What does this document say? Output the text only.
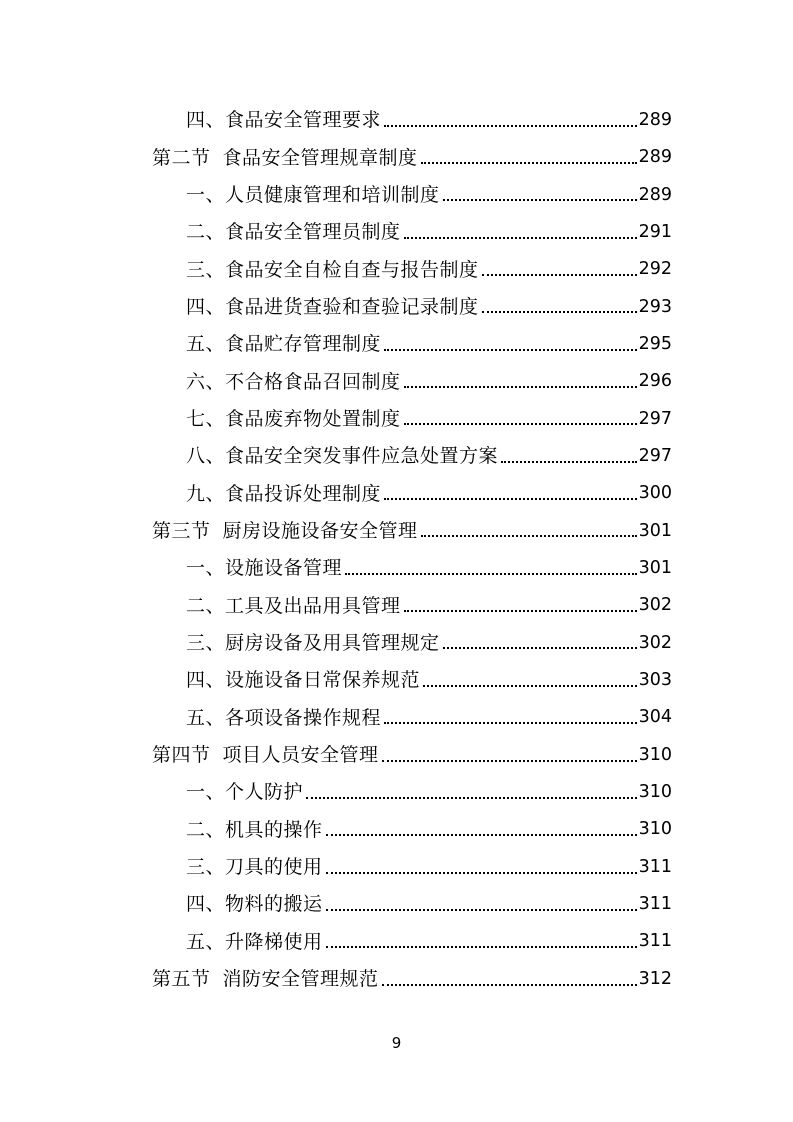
四、食品安全管理要求	289
第二节 食品安全管理规章制度	289
一、人员健康管理和培训制度	289
二、食品安全管理员制度	291
三、食品安全自检自查与报告制度	292
四、食品进货查验和查验记录制度	293
五、食品贮存管理制度	295
六、不合格食品召回制度	296
七、食品废弃物处置制度	297
八、食品安全突发事件应急处置方案	297
九、食品投诉处理制度	300
第三节 厨房设施设备安全管理	301
一、设施设备管理	301
二、工具及出品用具管理	302
三、厨房设备及用具管理规定	302
四、设施设备日常保养规范	303
五、各项设备操作规程	304
第四节 项目人员安全管理	310
一、个人防护	310
二、机具的操作	310
三、刀具的使用	311
四、物料的搬运	311
五、升降梯使用	311
第五节 消防安全管理规范	312
9
